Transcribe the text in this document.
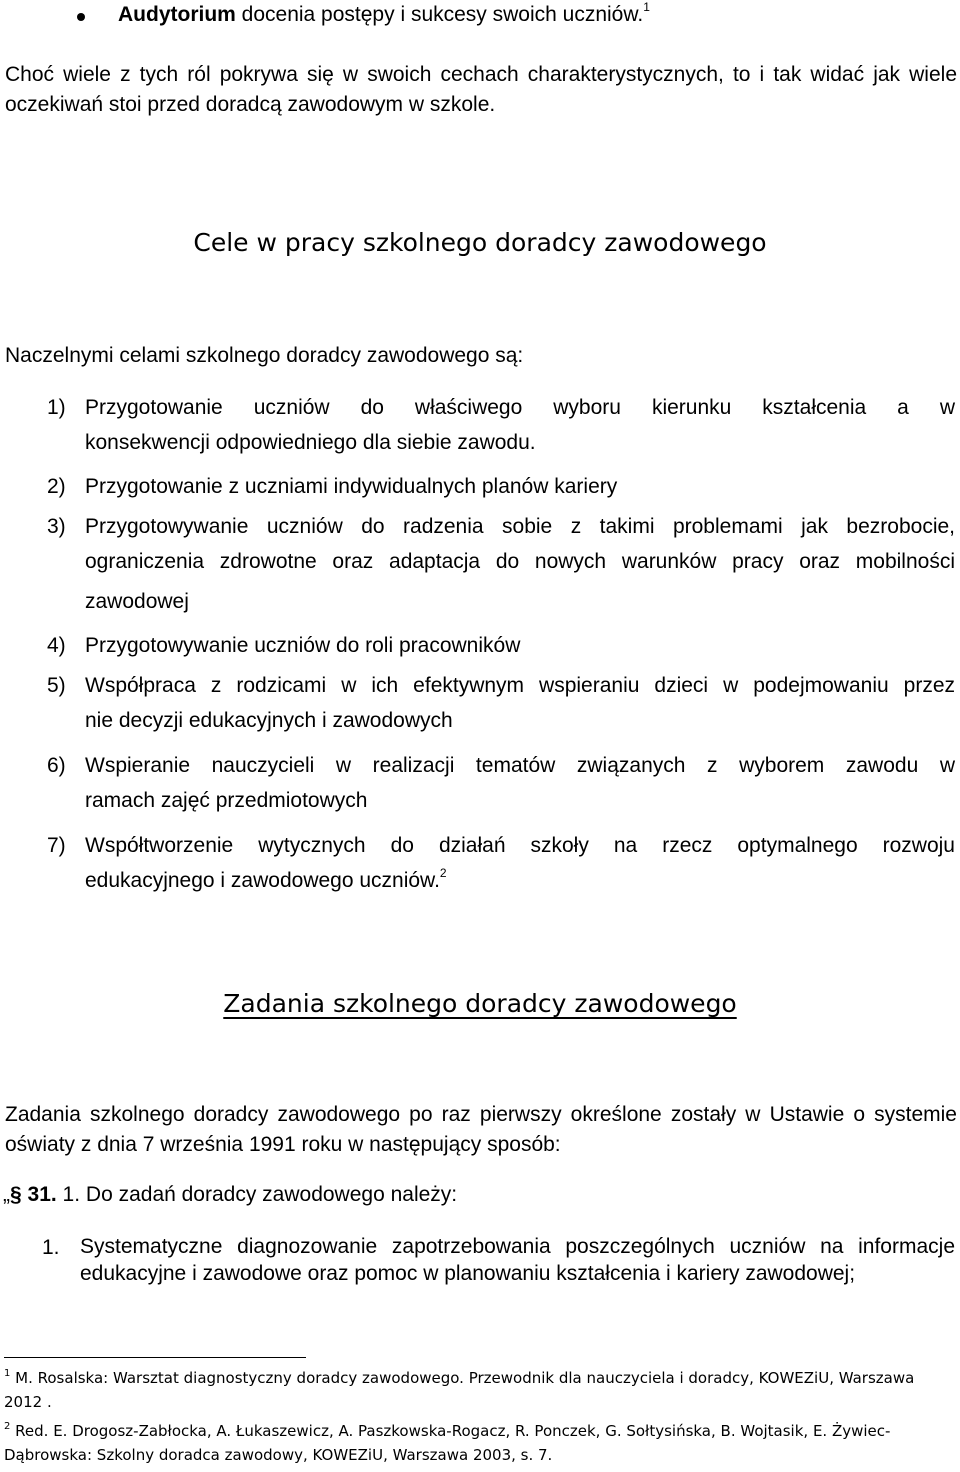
Audytorium docenia postępy i sukcesy swoich uczniów.$^1$

Choć wiele z tych ról pokrywa się w swoich cechach charakterystycznych, to i tak widać jak wiele oczekiwań stoi przed doradcą zawodowym w szkole.

Cele w pracy szkolnego doradcy zawodowego

Naczelnymi celami szkolnego doradcy zawodowego są:

1) Przygotowanie uczniów do właściwego wyboru kierunku kształcenia a w
konsekwencji odpowiedniego dla siebie zawodu.
2) Przygotowanie z uczniami indywidualnych planów kariery
3) Przygotowywanie uczniów do radzenia sobie z takimi problemami jak bezrobocie,
ograniczenia zdrowotne oraz adaptacja do nowych warunków pracy oraz mobilności
zawodowej
4) Przygotowywanie uczniów do roli pracowników
5) Współpraca z rodzicami w ich efektywnym wspieraniu dzieci w podejmowaniu przez
nie decyzji edukacyjnych i zawodowych
6) Wspieranie nauczycieli w realizacji tematów związanych z wyborem zawodu w
ramach zajęć przedmiotowych
7) Współtworzenie wytycznych do działań szkoły na rzecz optymalnego rozwoju
edukacyjnego i zawodowego uczniów.$^2$
Zadania szkolnego doradcy zawodowego

Zadania szkolnego doradcy zawodowego po raz pierwszy określone zostały w Ustawie o systemie oświaty z dnia 7 września 1991 roku w następujący sposób:

„§ 31. 1. Do zadań doradcy zawodowego należy:

1. Systematyczne diagnozowanie zapotrzebowania poszczególnych uczniów na informacje edukacyjne i zawodowe oraz pomoc w planowaniu kształcenia i kariery zawodowej;

$^1$ M. Rosalska: Warsztat diagnostyczny doradcy zawodowego. Przewodnik dla nauczyciela i doradcy, KOWEZiU, Warszawa 2012 .
$^2$ Red. E. Drogosz-Zabłocka, A. Łukaszewicz, A. Paszkowska-Rogacz, R. Ponczek, G. Sołtysińska, B. Wojtasik, E. Żywiec-Dąbrowska: Szkolny doradca zawodowy, KOWEZiU, Warszawa 2003, s. 7.
